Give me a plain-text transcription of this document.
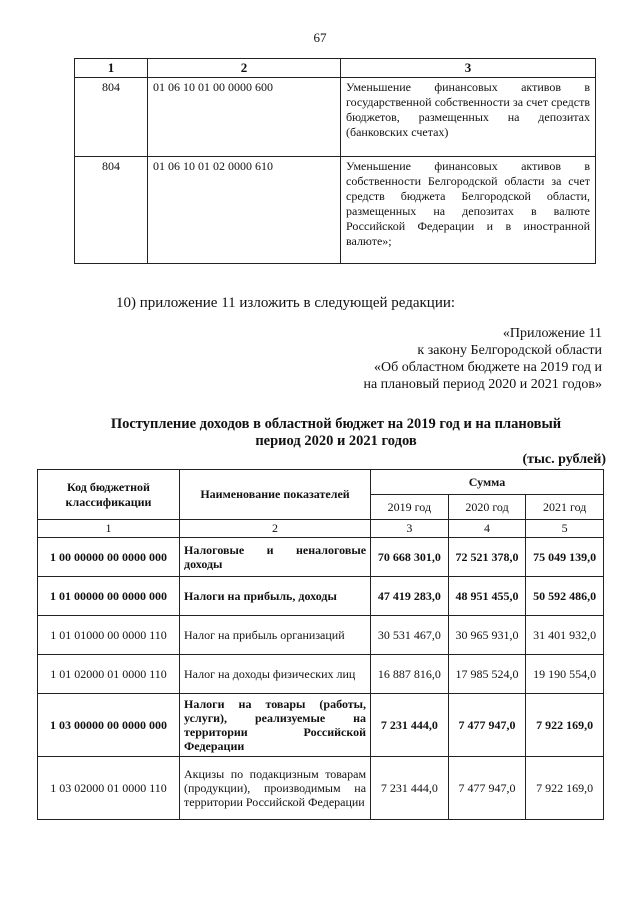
67
1	2	3
804	01 06 10 01 00 0000 600	Уменьшение финансовых активов в государственной собственности за счет средств бюджетов, размещенных на депозитах (банковских счетах)
804	01 06 10 01 02 0000 610	Уменьшение финансовых активов в собственности Белгородской области за счет средств бюджета Белгородской области, размещенных на депозитах в валюте Российской Федерации и в иностранной валюте»;
10) приложение 11 изложить в следующей редакции:
«Приложение 11
к закону Белгородской области
«Об областном бюджете на 2019 год и
на плановый период 2020 и 2021 годов»
Поступление доходов в областной бюджет на 2019 год и на плановый
период 2020 и 2021 годов
(тыс. рублей)
Код бюджетной классификации	Наименование показателей	Сумма		
		2019 год	2020 год	2021 год
1	2	3	4	5
1 00 00000 00 0000 000	Налоговые и неналоговые доходы	70 668 301,0	72 521 378,0	75 049 139,0
1 01 00000 00 0000 000	Налоги на прибыль, доходы	47 419 283,0	48 951 455,0	50 592 486,0
1 01 01000 00 0000 110	Налог на прибыль организаций	30 531 467,0	30 965 931,0	31 401 932,0
1 01 02000 01 0000 110	Налог на доходы физических лиц	16 887 816,0	17 985 524,0	19 190 554,0
1 03 00000 00 0000 000	Налоги на товары (работы, услуги), реализуемые на территории Российской Федерации	7 231 444,0	7 477 947,0	7 922 169,0
1 03 02000 01 0000 110	Акцизы по подакцизным товарам (продукции), производимым на территории Российской Федерации	7 231 444,0	7 477 947,0	7 922 169,0
